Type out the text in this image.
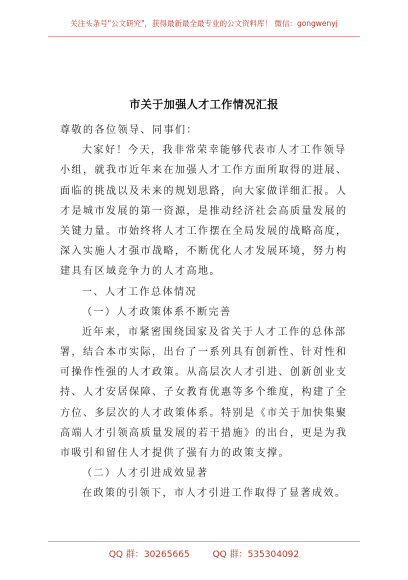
关注头条号"公文研究"，获得最新最全最专业的公文资料库！ 微信：gongwenyj
市关于加强人才工作情况汇报
尊敬的各位领导、同事们：
大家好！今天，我非常荣幸能够代表市人才工作领导
小组，就我市近年来在加强人才工作方面所取得的进展、
面临的挑战以及未来的规划思路，向大家做详细汇报。人
才是城市发展的第一资源，是推动经济社会高质量发展的
关键力量。市始终将人才工作摆在全局发展的战略高度，
深入实施人才强市战略，不断优化人才发展环境，努力构
建具有区域竞争力的人才高地。
一、人才工作总体情况
（一）人才政策体系不断完善
近年来，市紧密围绕国家及省关于人才工作的总体部
署，结合本市实际，出台了一系列具有创新性、针对性和
可操作性强的人才政策。从高层次人才引进、创新创业支
持、人才安居保障、子女教育优惠等多个维度，构建了全
方位、多层次的人才政策体系。特别是《市关于加快集聚
高端人才引领高质量发展的若干措施》的出台，更是为我
市吸引和留住人才提供了强有力的政策支撑。
（二）人才引进成效显著
在政策的引领下，市人才引进工作取得了显著成效。
QQ 群：30265665	QQ 群：535304092
